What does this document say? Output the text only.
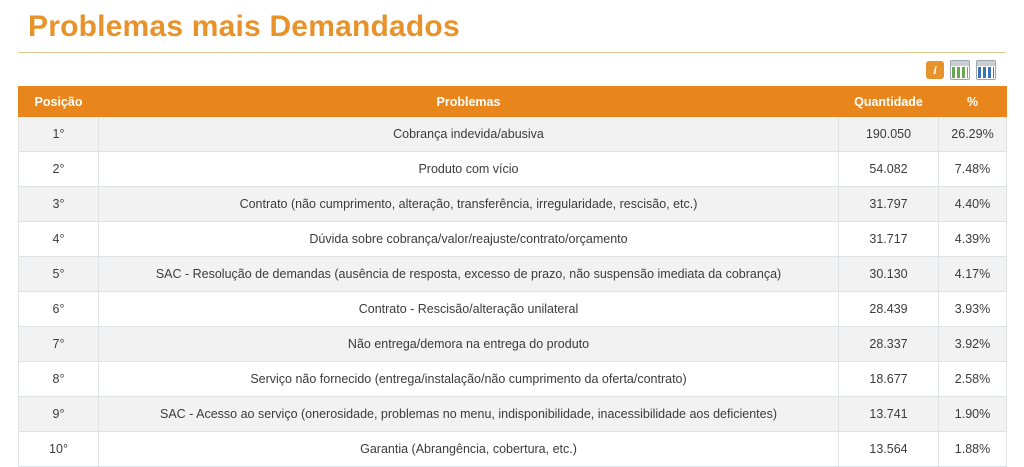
Problemas mais Demandados
i
Posição	Problemas	Quantidade	%
1°	Cobrança indevida/abusiva	190.050	26.29%
2°	Produto com vício	54.082	7.48%
3°	Contrato (não cumprimento, alteração, transferência, irregularidade, rescisão, etc.)	31.797	4.40%
4°	Dúvida sobre cobrança/valor/reajuste/contrato/orçamento	31.717	4.39%
5°	SAC - Resolução de demandas (ausência de resposta, excesso de prazo, não suspensão imediata da cobrança)	30.130	4.17%
6°	Contrato - Rescisão/alteração unilateral	28.439	3.93%
7°	Não entrega/demora na entrega do produto	28.337	3.92%
8°	Serviço não fornecido (entrega/instalação/não cumprimento da oferta/contrato)	18.677	2.58%
9°	SAC - Acesso ao serviço (onerosidade, problemas no menu, indisponibilidade, inacessibilidade aos deficientes)	13.741	1.90%
10°	Garantia (Abrangência, cobertura, etc.)	13.564	1.88%
